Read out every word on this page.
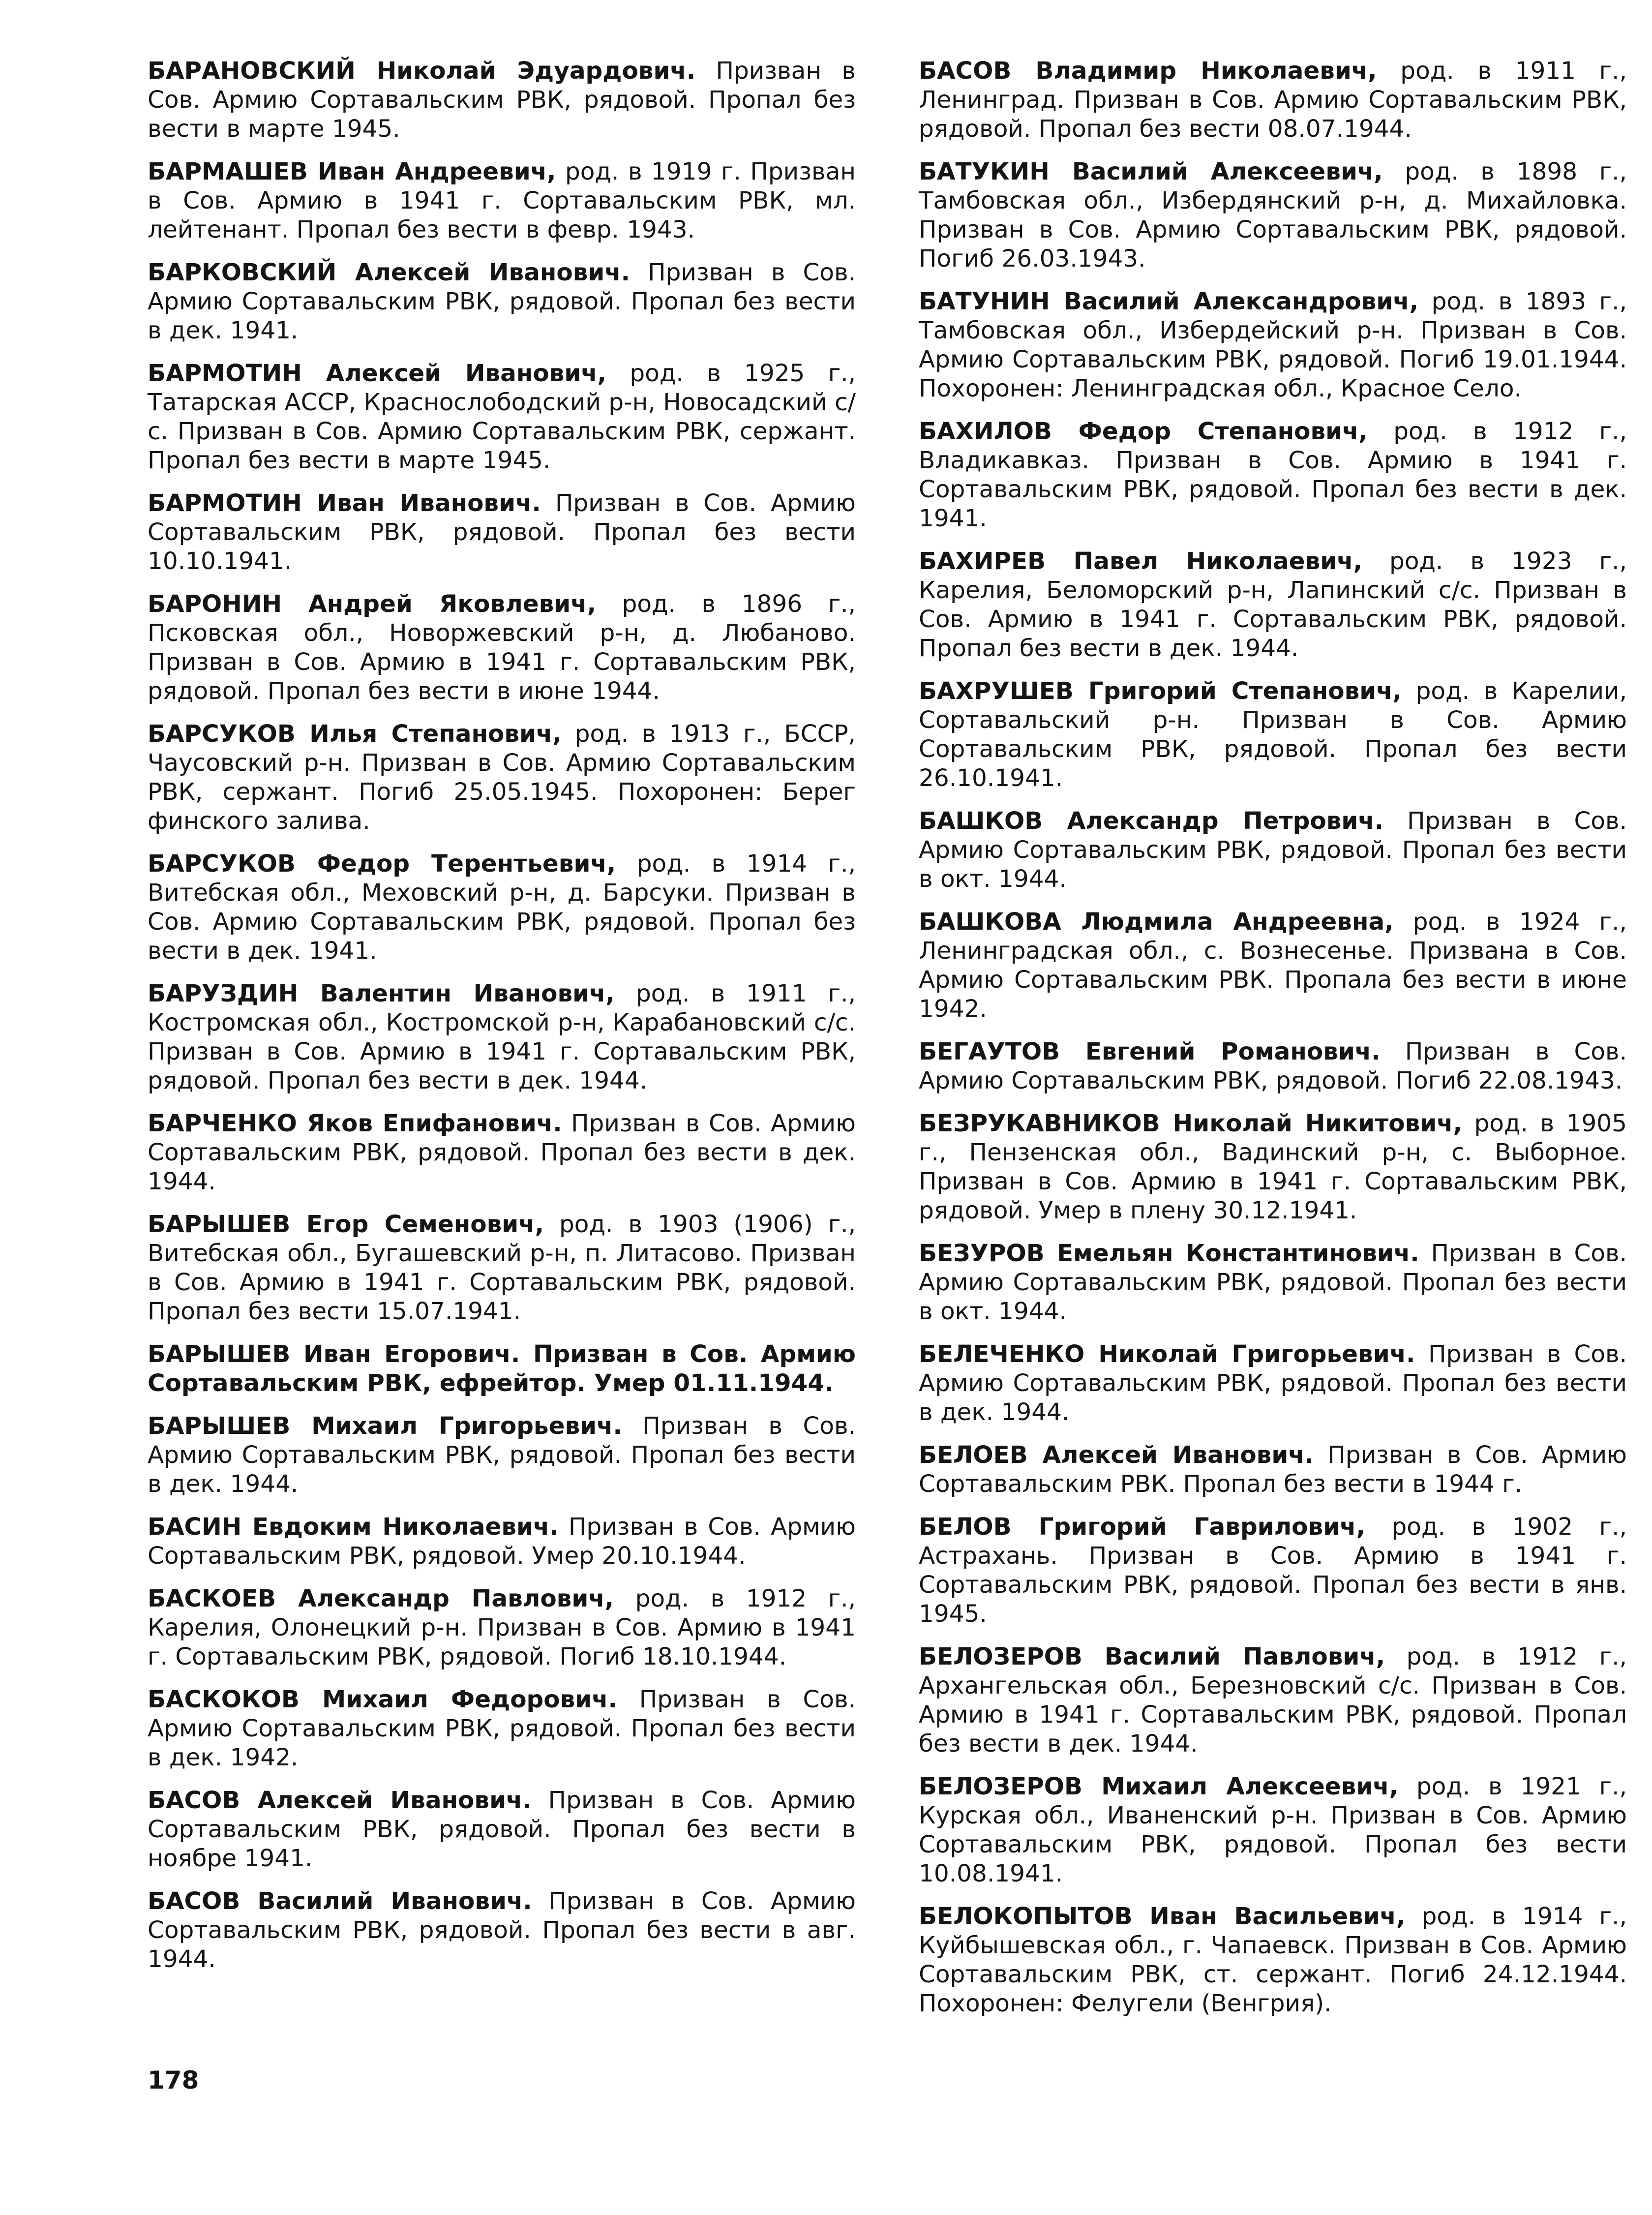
БАРАНОВСКИЙ Николай Эдуардович. Призван в Сов. Армию Сортавальским РВК, рядовой. Пропал без вести в марте 1945.

БАРМАШЕВ Иван Андреевич, род. в 1919 г. Призван в Сов. Армию в 1941 г. Сортавальским РВК, мл. лейтенант. Пропал без вести в февр. 1943.

БАРКОВСКИЙ Алексей Иванович. Призван в Сов. Армию Сортавальским РВК, рядовой. Пропал без вести в дек. 1941.

БАРМОТИН Алексей Иванович, род. в 1925 г., Татарская АССР, Краснослободский р-н, Новосадский с/с. Призван в Сов. Армию Сортавальским РВК, сержант. Пропал без вести в марте 1945.

БАРМОТИН Иван Иванович. Призван в Сов. Армию Сортавальским РВК, рядовой. Пропал без вести 10.10.1941.

БАРОНИН Андрей Яковлевич, род. в 1896 г., Псковская обл., Новоржевский р-н, д. Любаново. Призван в Сов. Армию в 1941 г. Сортавальским РВК, рядовой. Пропал без вести в июне 1944.

БАРСУКОВ Илья Степанович, род. в 1913 г., БССР, Чаусовский р-н. Призван в Сов. Армию Сортавальским РВК, сержант. Погиб 25.05.1945. Похоронен: Берег финского залива.

БАРСУКОВ Федор Терентьевич, род. в 1914 г., Витебская обл., Меховский р-н, д. Барсуки. Призван в Сов. Армию Сортавальским РВК, рядовой. Пропал без вести в дек. 1941.

БАРУЗДИН Валентин Иванович, род. в 1911 г., Костромская обл., Костромской р-н, Карабановский с/с. Призван в Сов. Армию в 1941 г. Сортавальским РВК, рядовой. Пропал без вести в дек. 1944.

БАРЧЕНКО Яков Епифанович. Призван в Сов. Армию Сортавальским РВК, рядовой. Пропал без вести в дек. 1944.

БАРЫШЕВ Егор Семенович, род. в 1903 (1906) г., Витебская обл., Бугашевский р-н, п. Литасово. Призван в Сов. Армию в 1941 г. Сортавальским РВК, рядовой. Пропал без вести 15.07.1941.

БАРЫШЕВ Иван Егорович. Призван в Сов. Армию Сортавальским РВК, ефрейтор. Умер 01.11.1944.

БАРЫШЕВ Михаил Григорьевич. Призван в Сов. Армию Сортавальским РВК, рядовой. Пропал без вести в дек. 1944.

БАСИН Евдоким Николаевич. Призван в Сов. Армию Сортавальским РВК, рядовой. Умер 20.10.1944.

БАСКОЕВ Александр Павлович, род. в 1912 г., Карелия, Олонецкий р-н. Призван в Сов. Армию в 1941 г. Сортавальским РВК, рядовой. Погиб 18.10.1944.

БАСКОКОВ Михаил Федорович. Призван в Сов. Армию Сортавальским РВК, рядовой. Пропал без вести в дек. 1942.

БАСОВ Алексей Иванович. Призван в Сов. Армию Сортавальским РВК, рядовой. Пропал без вести в ноябре 1941.

БАСОВ Василий Иванович. Призван в Сов. Армию Сортавальским РВК, рядовой. Пропал без вести в авг. 1944.

БАСОВ Владимир Николаевич, род. в 1911 г., Ленинград. Призван в Сов. Армию Сортавальским РВК, рядовой. Пропал без вести 08.07.1944.

БАТУКИН Василий Алексеевич, род. в 1898 г., Тамбовская обл., Избердянский р-н, д. Михайловка. Призван в Сов. Армию Сортавальским РВК, рядовой. Погиб 26.03.1943.

БАТУНИН Василий Александрович, род. в 1893 г., Тамбовская обл., Избердейский р-н. Призван в Сов. Армию Сортавальским РВК, рядовой. Погиб 19.01.1944. Похоронен: Ленинградская обл., Красное Село.

БАХИЛОВ Федор Степанович, род. в 1912 г., Владикавказ. Призван в Сов. Армию в 1941 г. Сортавальским РВК, рядовой. Пропал без вести в дек. 1941.

БАХИРЕВ Павел Николаевич, род. в 1923 г., Карелия, Беломорский р-н, Лапинский с/с. Призван в Сов. Армию в 1941 г. Сортавальским РВК, рядовой. Пропал без вести в дек. 1944.

БАХРУШЕВ Григорий Степанович, род. в Карелии, Сортавальский р-н. Призван в Сов. Армию Сортавальским РВК, рядовой. Пропал без вести 26.10.1941.

БАШКОВ Александр Петрович. Призван в Сов. Армию Сортавальским РВК, рядовой. Пропал без вести в окт. 1944.

БАШКОВА Людмила Андреевна, род. в 1924 г., Ленинградская обл., с. Вознесенье. Призвана в Сов. Армию Сортавальским РВК. Пропала без вести в июне 1942.

БЕГАУТОВ Евгений Романович. Призван в Сов. Армию Сортавальским РВК, рядовой. Погиб 22.08.1943.

БЕЗРУКАВНИКОВ Николай Никитович, род. в 1905 г., Пензенская обл., Вадинский р-н, с. Выборное. Призван в Сов. Армию в 1941 г. Сортавальским РВК, рядовой. Умер в плену 30.12.1941.

БЕЗУРОВ Емельян Константинович. Призван в Сов. Армию Сортавальским РВК, рядовой. Пропал без вести в окт. 1944.

БЕЛЕЧЕНКО Николай Григорьевич. Призван в Сов. Армию Сортавальским РВК, рядовой. Пропал без вести в дек. 1944.

БЕЛОЕВ Алексей Иванович. Призван в Сов. Армию Сортавальским РВК. Пропал без вести в 1944 г.

БЕЛОВ Григорий Гаврилович, род. в 1902 г., Астрахань. Призван в Сов. Армию в 1941 г. Сортавальским РВК, рядовой. Пропал без вести в янв. 1945.

БЕЛОЗЕРОВ Василий Павлович, род. в 1912 г., Архангельская обл., Березновский с/с. Призван в Сов. Армию в 1941 г. Сортавальским РВК, рядовой. Пропал без вести в дек. 1944.

БЕЛОЗЕРОВ Михаил Алексеевич, род. в 1921 г., Курская обл., Иваненский р-н. Призван в Сов. Армию Сортавальским РВК, рядовой. Пропал без вести 10.08.1941.

БЕЛОКОПЫТОВ Иван Васильевич, род. в 1914 г., Куйбышевская обл., г. Чапаевск. Призван в Сов. Армию Сортавальским РВК, ст. сержант. Погиб 24.12.1944. Похоронен: Фелугели (Венгрия).

178
